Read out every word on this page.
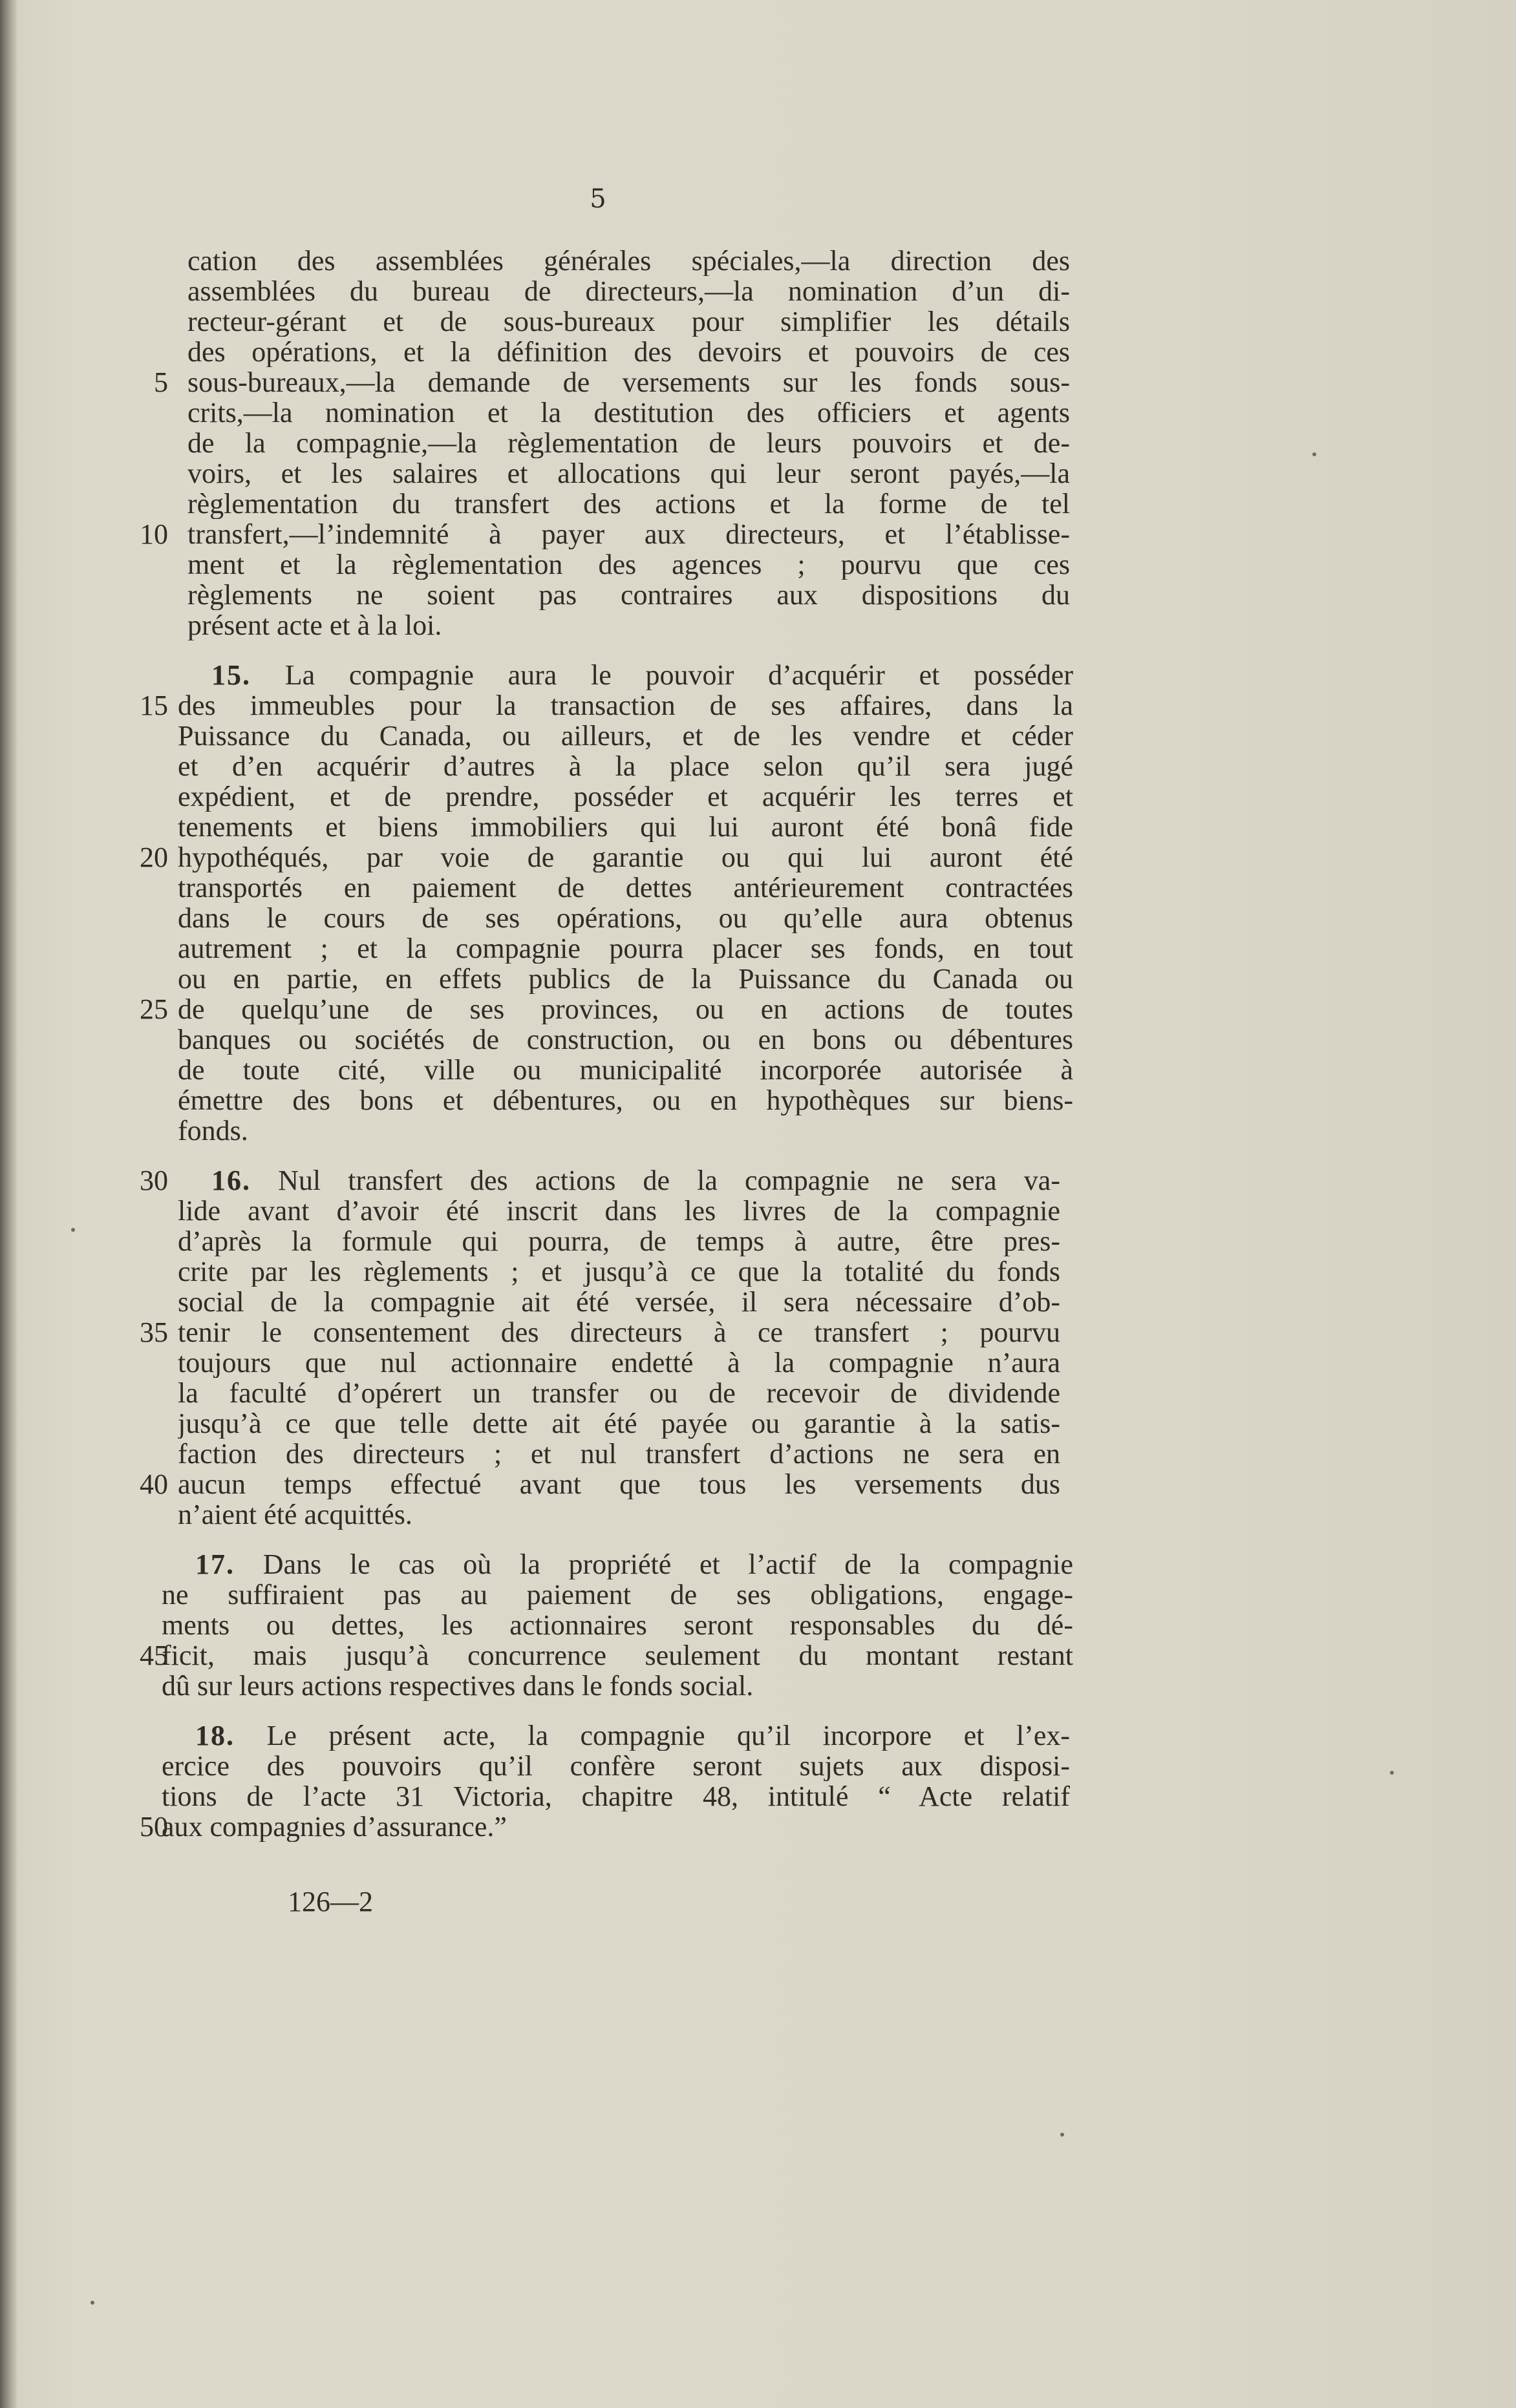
5
cation des assemblées générales spéciales,—la direction des
assemblées du bureau de directeurs,—la nomination d’un di-
recteur-gérant et de sous-bureaux pour simplifier les détails
des opérations, et la définition des devoirs et pouvoirs de ces
5 sous-bureaux,—la demande de versements sur les fonds sous-
crits,—la nomination et la destitution des officiers et agents
de la compagnie,—la règlementation de leurs pouvoirs et de-
voirs, et les salaires et allocations qui leur seront payés,—la
règlementation du transfert des actions et la forme de tel
10 transfert,—l’indemnité à payer aux directeurs, et l’établisse-
ment et la règlementation des agences ; pourvu que ces
règlements ne soient pas contraires aux dispositions du
présent acte et à la loi.
15. La compagnie aura le pouvoir d’acquérir et posséder
15 des immeubles pour la transaction de ses affaires, dans la
Puissance du Canada, ou ailleurs, et de les vendre et céder
et d’en acquérir d’autres à la place selon qu’il sera jugé
expédient, et de prendre, posséder et acquérir les terres et
tenements et biens immobiliers qui lui auront été bonâ fide
20 hypothéqués, par voie de garantie ou qui lui auront été
transportés en paiement de dettes antérieurement contractées
dans le cours de ses opérations, ou qu’elle aura obtenus
autrement ; et la compagnie pourra placer ses fonds, en tout
ou en partie, en effets publics de la Puissance du Canada ou
25 de quelqu’une de ses provinces, ou en actions de toutes
banques ou sociétés de construction, ou en bons ou débentures
de toute cité, ville ou municipalité incorporée autorisée à
émettre des bons et débentures, ou en hypothèques sur biens-
fonds.
30 16. Nul transfert des actions de la compagnie ne sera va-
lide avant d’avoir été inscrit dans les livres de la compagnie
d’après la formule qui pourra, de temps à autre, être pres-
crite par les règlements ; et jusqu’à ce que la totalité du fonds
social de la compagnie ait été versée, il sera nécessaire d’ob-
35 tenir le consentement des directeurs à ce transfert ; pourvu
toujours que nul actionnaire endetté à la compagnie n’aura
la faculté d’opérert un transfer ou de recevoir de dividende
jusqu’à ce que telle dette ait été payée ou garantie à la satis-
faction des directeurs ; et nul transfert d’actions ne sera en
40 aucun temps effectué avant que tous les versements dus
n’aient été acquittés.
17. Dans le cas où la propriété et l’actif de la compagnie
ne suffiraient pas au paiement de ses obligations, engage-
ments ou dettes, les actionnaires seront responsables du dé-
45
ficit, mais jusqu’à concurrence seulement du montant restant
dû sur leurs actions respectives dans le fonds social.
18. Le présent acte, la compagnie qu’il incorpore et l’ex-
ercice des pouvoirs qu’il confère seront sujets aux disposi-
tions de l’acte 31 Victoria, chapitre 48, intitulé “ Acte relatif
50
aux compagnies d’assurance.”
126—2
